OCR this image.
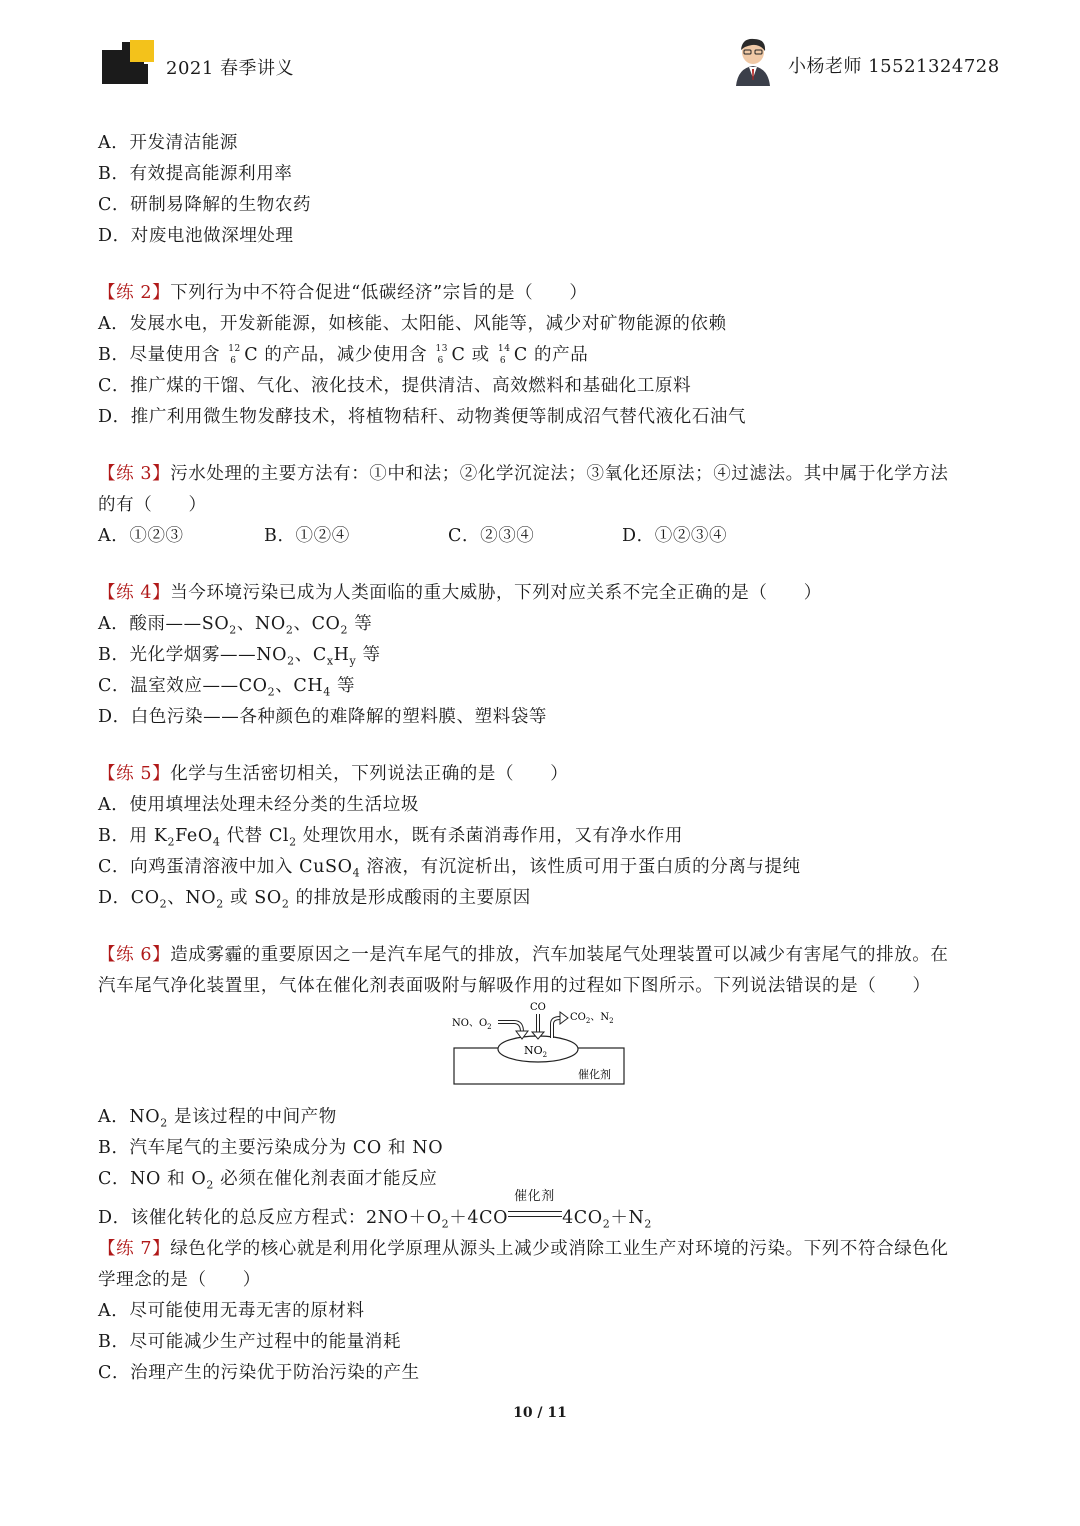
2021 春季讲义	小杨老师 15521324728
A．开发清洁能源
B．有效提高能源利用率
C．研制易降解的生物农药
D．对废电池做深埋处理
【练 2】下列行为中不符合促进“低碳经济”宗旨的是（　　）
A．发展水电，开发新能源，如核能、太阳能、风能等，减少对矿物能源的依赖
B．尽量使用含 12
6 C 的产品，减少使用含 13
6 C 或 14
6 C 的产品
C．推广煤的干馏、气化、液化技术，提供清洁、高效燃料和基础化工原料
D．推广利用微生物发酵技术，将植物秸秆、动物粪便等制成沼气替代液化石油气
【练 3】污水处理的主要方法有：①中和法；②化学沉淀法；③氧化还原法；④过滤法。其中属于化学方法
的有（　　）
A．①②③	B．①②④	C．②③④	D．①②③④
【练 4】当今环境污染已成为人类面临的重大威胁，下列对应关系不完全正确的是（　　）
A．酸雨$——SO_2$、$NO_2$、$CO_2$ 等
B．光化学烟雾$——NO_2$、$C_xH_y$ 等
C．温室效应$——CO_2$、$CH_4$ 等
D．白色污染——各种颜色的难降解的塑料膜、塑料袋等
【练 5】化学与生活密切相关，下列说法正确的是（　　）
A．使用填埋法处理未经分类的生活垃圾
B．用 $K_2FeO_4$ 代替 $Cl_2$ 处理饮用水，既有杀菌消毒作用，又有净水作用
C．向鸡蛋清溶液中加入 CuSO$_4$ 溶液，有沉淀析出，该性质可用于蛋白质的分离与提纯
D．$CO_2$、$NO_2$ 或 $SO_2$ 的排放是形成酸雨的主要原因
【练 6】造成雾霾的重要原因之一是汽车尾气的排放，汽车加装尾气处理装置可以减少有害尾气的排放。在
汽车尾气净化装置里，气体在催化剂表面吸附与解吸作用的过程如下图所示。下列说法错误的是（　　）
$NO_2$
催化剂
NO、$O_2$
CO
$CO_2$、$N_2$
A．$NO_2$ 是该过程的中间产物
B．汽车尾气的主要污染成分为 CO 和 NO
C．NO 和 $O_2$ 必须在催化剂表面才能反应
D．该催化转化的总反应方程式：$2NO+O_2+4CO$
催化剂
$4CO_2+N_2$
【练 7】绿色化学的核心就是利用化学原理从源头上减少或消除工业生产对环境的污染。下列不符合绿色化
学理念的是（　　）
A．尽可能使用无毒无害的原材料
B．尽可能减少生产过程中的能量消耗
C．治理产生的污染优于防治污染的产生
10 / 11
